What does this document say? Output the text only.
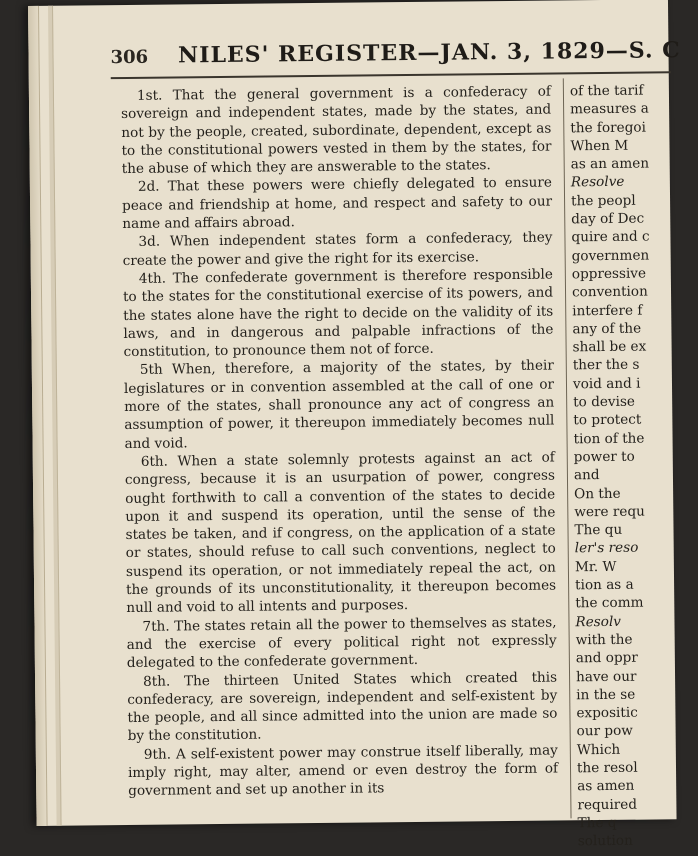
306 NILES' REGISTER—JAN. 3, 1829—S. C

1st. That the general government is a confederacy of sovereign and independent states, made by the states, and not by the people, created, subordinate, dependent, except as to the constitutional powers vested in them by the states, for the abuse of which they are answerable to the states.

2d. That these powers were chiefly delegated to ensure peace and friendship at home, and respect and safety to our name and affairs abroad.

3d. When independent states form a confederacy, they create the power and give the right for its exercise.

4th. The confederate government is therefore responsible to the states for the constitutional exercise of its powers, and the states alone have the right to decide on the validity of its laws, and in dangerous and palpable infractions of the constitution, to pronounce them not of force.

5th When, therefore, a majority of the states, by their legislatures or in convention assembled at the call of one or more of the states, shall pronounce any act of congress an assumption of power, it thereupon immediately becomes null and void.

6th. When a state solemnly protests against an act of congress, because it is an usurpation of power, congress ought forthwith to call a convention of the states to decide upon it and suspend its operation, until the sense of the states be taken, and if congress, on the application of a state or states, should refuse to call such conventions, neglect to suspend its operation, or not immediately repeal the act, on the grounds of its unconstitutionality, it thereupon becomes null and void to all intents and purposes.

7th. The states retain all the power to themselves as states, and the exercise of every political right not expressly delegated to the confederate government.

8th. The thirteen United States which created this confederacy, are sovereign, independent and self-existent by the people, and all since admitted into the union are made so by the constitution.

9th. A self-existent power may construe itself liberally, may imply right, may alter, amend or even destroy the form of government and set up another in its

of the tarif
measures a
the foregoi
When M
as an amen
Resolve
the peopl
day of Dec
quire and c
governmen
oppressive
convention
interfere f
any of the
shall be ex
ther the s
void and i
to devise
to protect
tion of the
power to
and
On the
were requ
The qu
ler's reso
Mr. W
tion as a
the comm
Resolv
with the
and oppr
have our
in the se
expositic
our pow
Which
the resol
as amen
required
The q
solution
